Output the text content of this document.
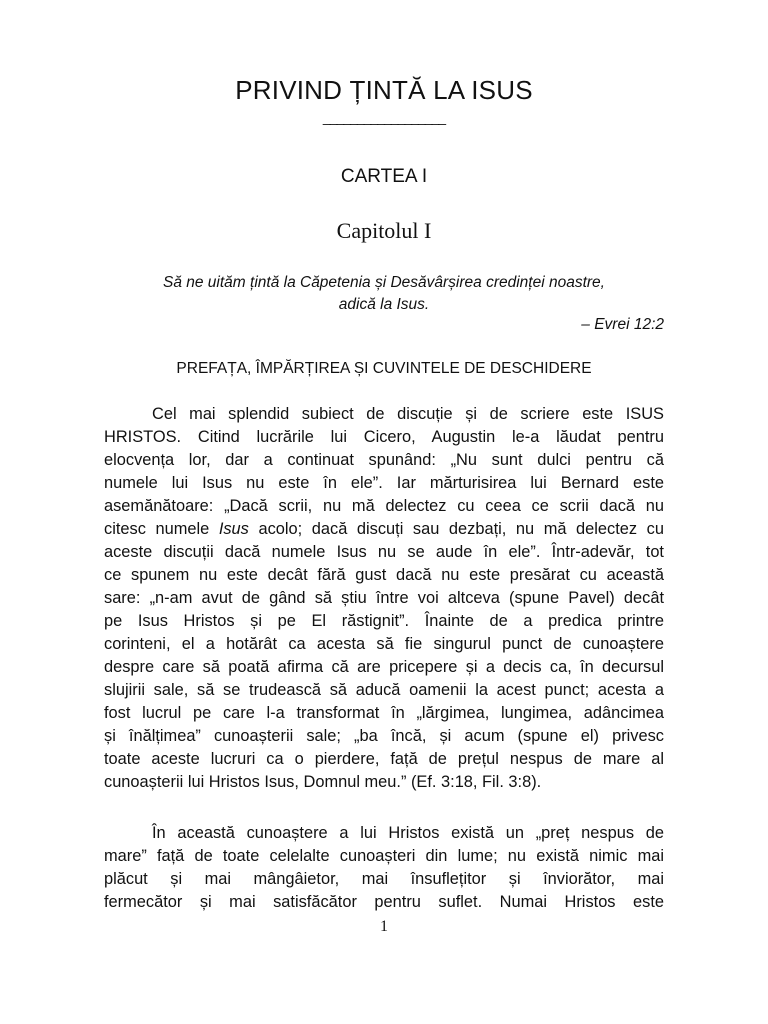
PRIVIND ȚINTĂ LA ISUS
__________________
CARTEA I
Capitolul I
Să ne uităm țintă la Căpetenia și Desăvârșirea credinței noastre,
adică la Isus.
– Evrei 12:2
PREFAȚA, ÎMPĂRȚIREA ȘI CUVINTELE DE DESCHIDERE
Cel mai splendid subiect de discuție și de scriere este ISUS
HRISTOS. Citind lucrările lui Cicero, Augustin le-a lăudat pentru
elocvența lor, dar a continuat spunând: „Nu sunt dulci pentru că
numele lui Isus nu este în ele”. Iar mărturisirea lui Bernard este
asemănătoare: „Dacă scrii, nu mă delectez cu ceea ce scrii dacă nu
citesc numele Isus acolo; dacă discuți sau dezbați, nu mă delectez cu
aceste discuții dacă numele Isus nu se aude în ele”. Într-adevăr, tot
ce spunem nu este decât fără gust dacă nu este presărat cu această
sare: „n-am avut de gând să știu între voi altceva (spune Pavel) decât
pe Isus Hristos și pe El răstignit”. Înainte de a predica printre
corinteni, el a hotărât ca acesta să fie singurul punct de cunoaștere
despre care să poată afirma că are pricepere și a decis ca, în decursul
slujirii sale, să se trudească să aducă oamenii la acest punct; acesta a
fost lucrul pe care l-a transformat în „lărgimea, lungimea, adâncimea
și înălțimea” cunoașterii sale; „ba încă, și acum (spune el) privesc
toate aceste lucruri ca o pierdere, față de prețul nespus de mare al
cunoașterii lui Hristos Isus, Domnul meu.” (Ef. 3:18, Fil. 3:8).
În această cunoaștere a lui Hristos există un „preț nespus de
mare” față de toate celelalte cunoașteri din lume; nu există nimic mai
plăcut și mai mângâietor, mai însuflețitor și înviorător, mai
fermecător și mai satisfăcător pentru suflet. Numai Hristos este
1
